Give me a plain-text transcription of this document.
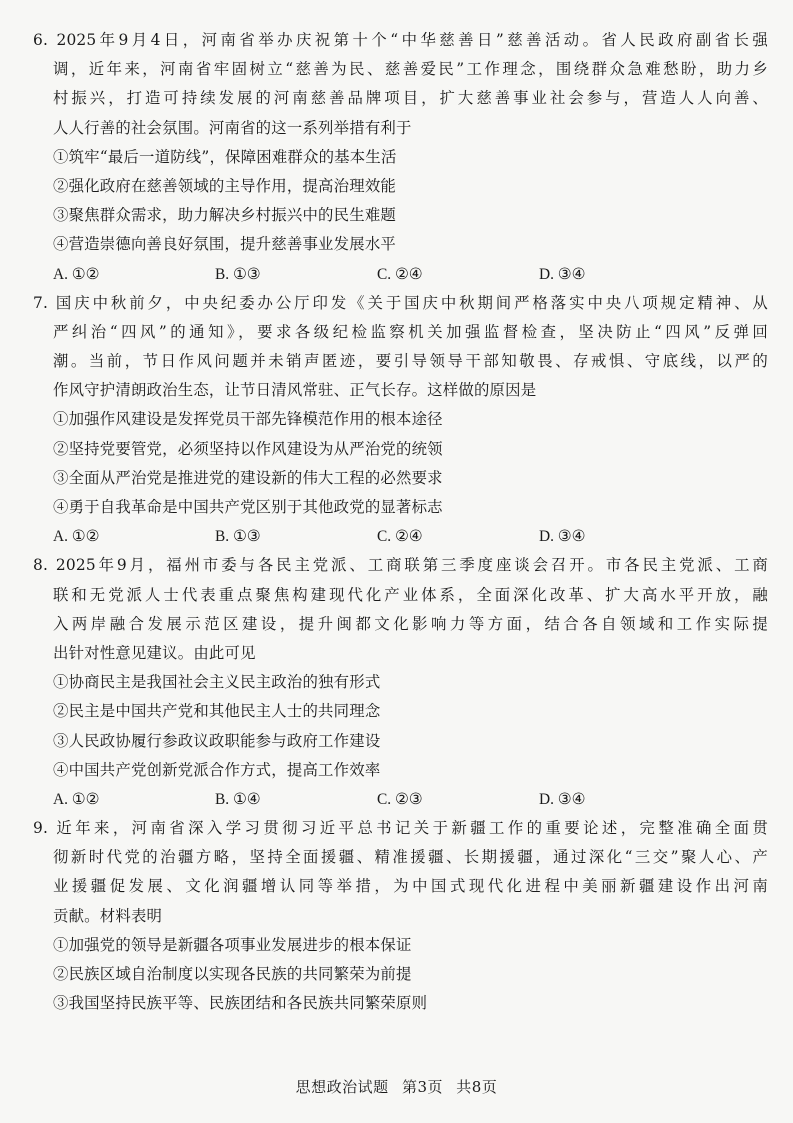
6. 2025年9月4日，河南省举办庆祝第十个“中华慈善日”慈善活动。省人民政府副省长强
调，近年来，河南省牢固树立“慈善为民、慈善爱民”工作理念，围绕群众急难愁盼，助力乡
村振兴，打造可持续发展的河南慈善品牌项目，扩大慈善事业社会参与，营造人人向善、
人人行善的社会氛围。河南省的这一系列举措有利于
①筑牢“最后一道防线”，保障困难群众的基本生活
②强化政府在慈善领域的主导作用，提高治理效能
③聚焦群众需求，助力解决乡村振兴中的民生难题
④营造崇德向善良好氛围，提升慈善事业发展水平
A. ①②	B. ①③	C. ②④	D. ③④
7. 国庆中秋前夕，中央纪委办公厅印发《关于国庆中秋期间严格落实中央八项规定精神、从
严纠治“四风”的通知》，要求各级纪检监察机关加强监督检查，坚决防止“四风”反弹回
潮。当前，节日作风问题并未销声匿迹，要引导领导干部知敬畏、存戒惧、守底线，以严的
作风守护清朗政治生态，让节日清风常驻、正气长存。这样做的原因是
①加强作风建设是发挥党员干部先锋模范作用的根本途径
②坚持党要管党，必须坚持以作风建设为从严治党的统领
③全面从严治党是推进党的建设新的伟大工程的必然要求
④勇于自我革命是中国共产党区别于其他政党的显著标志
A. ①②	B. ①③	C. ②④	D. ③④
8. 2025年9月，福州市委与各民主党派、工商联第三季度座谈会召开。市各民主党派、工商
联和无党派人士代表重点聚焦构建现代化产业体系，全面深化改革、扩大高水平开放，融
入两岸融合发展示范区建设，提升闽都文化影响力等方面，结合各自领域和工作实际提
出针对性意见建议。由此可见
①协商民主是我国社会主义民主政治的独有形式
②民主是中国共产党和其他民主人士的共同理念
③人民政协履行参政议政职能参与政府工作建设
④中国共产党创新党派合作方式，提高工作效率
A. ①②	B. ①④	C. ②③	D. ③④
9. 近年来，河南省深入学习贯彻习近平总书记关于新疆工作的重要论述，完整准确全面贯
彻新时代党的治疆方略，坚持全面援疆、精准援疆、长期援疆，通过深化“三交”聚人心、产
业援疆促发展、文化润疆增认同等举措，为中国式现代化进程中美丽新疆建设作出河南
贡献。材料表明
①加强党的领导是新疆各项事业发展进步的根本保证
②民族区域自治制度以实现各民族的共同繁荣为前提
③我国坚持民族平等、民族团结和各民族共同繁荣原则
思想政治试题 第3页 共8页
